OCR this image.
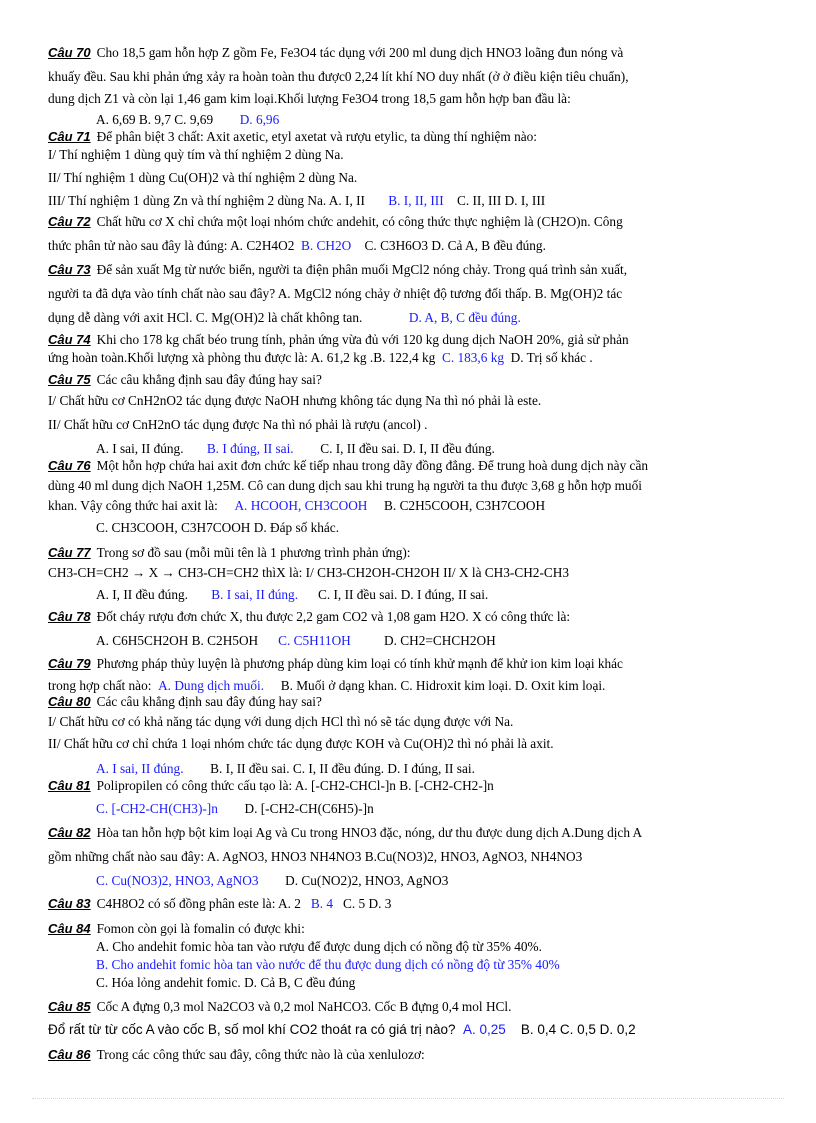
Câu 70 Cho 18,5 gam hỗn hợp Z gồm Fe, Fe3O4 tác dụng với 200 ml dung dịch HNO3 loãng đun nóng và
khuấy đều. Sau khi phản ứng xảy ra hoàn toàn thu được0 2,24 lít khí NO duy nhất (ở ở điều kiện tiêu chuẩn),
dung dịch Z1 và còn lại 1,46 gam kim loại.Khối lượng Fe3O4 trong 18,5 gam hỗn hợp ban đầu là:
A. 6,69 B. 9,7 C. 9,69 D. 6,96
Câu 71 Để phân biệt 3 chất: Axit axetic, etyl axetat và rượu etylic, ta dùng thí nghiệm nào:
I/ Thí nghiệm 1 dùng quỳ tím và thí nghiệm 2 dùng Na.
II/ Thí nghiệm 1 dùng Cu(OH)2 và thí nghiệm 2 dùng Na.
III/ Thí nghiệm 1 dùng Zn và thí nghiệm 2 dùng Na. A. I, II B. I, II, III C. II, III D. I, III
Câu 72 Chất hữu cơ X chỉ chứa một loại nhóm chức andehit, có công thức thực nghiệm là (CH2O)n. Công
thức phân tử nào sau đây là đúng: A. C2H4O2 B. CH2O C. C3H6O3 D. Cả A, B đều đúng.
Câu 73 Để sản xuất Mg từ nước biển, người ta điện phân muối MgCl2 nóng chảy. Trong quá trình sản xuất,
người ta đã dựa vào tính chất nào sau đây? A. MgCl2 nóng chảy ở nhiệt độ tương đối thấp. B. Mg(OH)2 tác
dụng dễ dàng với axit HCl. C. Mg(OH)2 là chất không tan.	D. A, B, C đều đúng.
Câu 74 Khi cho 178 kg chất béo trung tính, phản ứng vừa đủ với 120 kg dung dịch NaOH 20%, giả sử phản
ứng hoàn toàn.Khối lượng xà phòng thu được là: A. 61,2 kg .B. 122,4 kg C. 183,6 kg D. Trị số khác .
Câu 75 Các câu khẳng định sau đây đúng hay sai?
I/ Chất hữu cơ CnH2nO2 tác dụng được NaOH nhưng không tác dụng Na thì nó phải là este.
II/ Chất hữu cơ CnH2nO tác dụng được Na thì nó phải là rượu (ancol) .
A. I sai, II đúng. B. I đúng, II sai. C. I, II đều sai. D. I, II đều đúng.
Câu 76 Một hỗn hợp chứa hai axit đơn chức kế tiếp nhau trong dãy đồng đẳng. Để trung hoà dung dịch này cần
dùng 40 ml dung dịch NaOH 1,25M. Cô can dung dịch sau khi trung hạ người ta thu được 3,68 g hỗn hợp muối
khan. Vậy công thức hai axit là: A. HCOOH, CH3COOH B. C2H5COOH, C3H7COOH
C. CH3COOH, C3H7COOH D. Đáp số khác.
Câu 77 Trong sơ đồ sau (mỗi mũi tên là 1 phương trình phản ứng):
CH3-CH=CH2 → X → CH3-CH=CH2 thìX là: I/ CH3-CH2OH-CH2OH II/ X là CH3-CH2-CH3
A. I, II đều đúng. B. I sai, II đúng. C. I, II đều sai. D. I đúng, II sai.
Câu 78 Đốt cháy rượu đơn chức X, thu được 2,2 gam CO2 và 1,08 gam H2O. X có công thức là:
A. C6H5CH2OH B. C2H5OH C. C5H11OH	D. CH2=CHCH2OH
Câu 79 Phương pháp thủy luyện là phương pháp dùng kim loại có tính khử mạnh để khử ion kim loại khác
trong hợp chất nào: A. Dung dịch muối. B. Muối ở dạng khan. C. Hidroxit kim loại. D. Oxit kim loại.
Câu 80 Các câu khẳng định sau đây đúng hay sai?
I/ Chất hữu cơ có khả năng tác dụng với dung dịch HCl thì nó sẽ tác dụng được với Na.
II/ Chất hữu cơ chỉ chứa 1 loại nhóm chức tác dụng được KOH và Cu(OH)2 thì nó phải là axit.
A. I sai, II đúng. B. I, II đều sai. C. I, II đều đúng. D. I đúng, II sai.
Câu 81 Polipropilen có công thức cấu tạo là: A. [-CH2-CHCl-]n B. [-CH2-CH2-]n
C. [-CH2-CH(CH3)-]n D. [-CH2-CH(C6H5)-]n
Câu 82 Hòa tan hỗn hợp bột kim loại Ag và Cu trong HNO3 đặc, nóng, dư thu được dung dịch A.Dung dịch A
gồm những chất nào sau đây: A. AgNO3, HNO3 NH4NO3 B.Cu(NO3)2, HNO3, AgNO3, NH4NO3
C. Cu(NO3)2, HNO3, AgNO3 D. Cu(NO2)2, HNO3, AgNO3
Câu 83 C4H8O2 có số đồng phân este là: A. 2 B. 4 C. 5 D. 3
Câu 84 Fomon còn gọi là fomalin có được khi:
A. Cho andehit fomic hòa tan vào rượu để được dung dịch có nồng độ từ 35% 40%.
B. Cho andehit fomic hòa tan vào nước để thu được dung dịch có nồng độ từ 35% 40%
C. Hóa lỏng andehit fomic. D. Cả B, C đều đúng
Câu 85 Cốc A đựng 0,3 mol Na2CO3 và 0,2 mol NaHCO3. Cốc B đựng 0,4 mol HCl.
Đổ rất từ từ cốc A vào cốc B, số mol khí CO2 thoát ra có giá trị nào? A. 0,25 B. 0,4 C. 0,5 D. 0,2
Câu 86 Trong các công thức sau đây, công thức nào là của xenlulozơ:
